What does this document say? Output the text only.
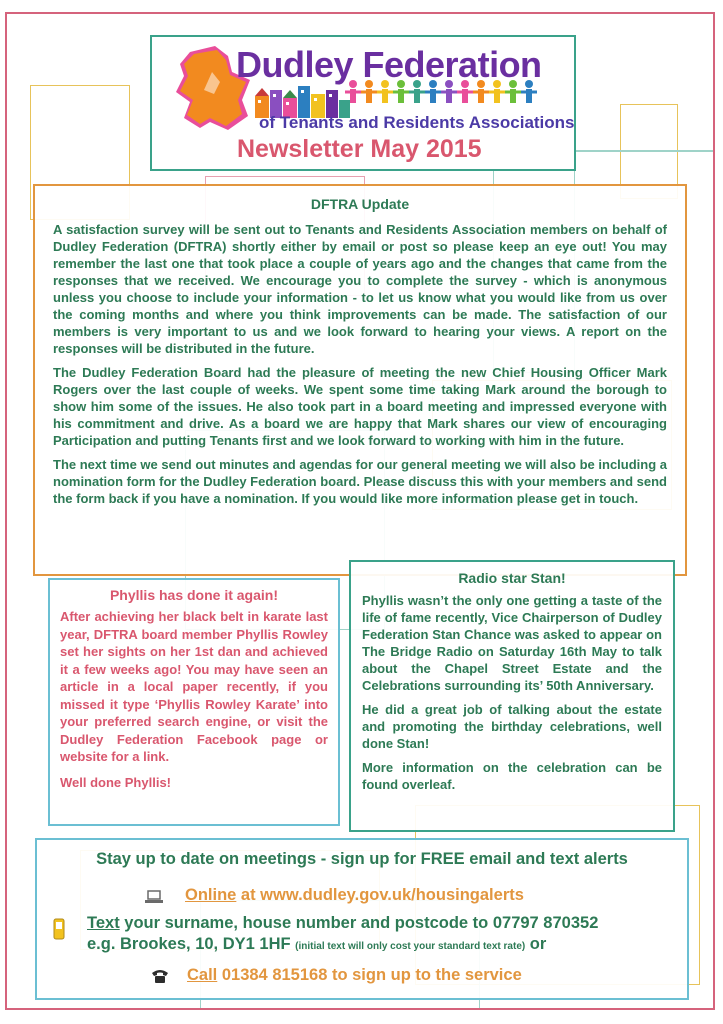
Dudley Federation
of Tenants and Residents Associations
Newsletter May 2015
DFTRA Update

A satisfaction survey will be sent out to Tenants and Residents Association members on behalf of Dudley Federation (DFTRA) shortly either by email or post so please keep an eye out! You may remember the last one that took place a couple of years ago and the changes that came from the responses that we received. We encourage you to complete the survey - which is anonymous unless you choose to include your information - to let us know what you would like from us over the coming months and where you think improvements can be made. The satisfaction of our members is very important to us and we look forward to hearing your views. A report on the responses will be distributed in the future.

The Dudley Federation Board had the pleasure of meeting the new Chief Housing Officer Mark Rogers over the last couple of weeks. We spent some time taking Mark around the borough to show him some of the issues. He also took part in a board meeting and impressed everyone with his commitment and drive. As a board we are happy that Mark shares our view of encouraging Participation and putting Tenants first and we look forward to working with him in the future.

The next time we send out minutes and agendas for our general meeting we will also be including a nomination form for the Dudley Federation board. Please discuss this with your members and send the form back if you have a nomination. If you would like more information please get in touch.

Phyllis has done it again!

After achieving her black belt in karate last year, DFTRA board member Phyllis Rowley set her sights on her 1st dan and achieved it a few weeks ago! You may have seen an article in a local paper recently, if you missed it type ‘Phyllis Rowley Karate’ into your preferred search engine, or visit the Dudley Federation Facebook page or website for a link.

Well done Phyllis!

Radio star Stan!

Phyllis wasn’t the only one getting a taste of the life of fame recently, Vice Chairperson of Dudley Federation Stan Chance was asked to appear on The Bridge Radio on Saturday 16th May to talk about the Chapel Street Estate and the Celebrations surrounding its’ 50th Anniversary.

He did a great job of talking about the estate and promoting the birthday celebrations, well done Stan!

More information on the celebration can be found overleaf.

Stay up to date on meetings - sign up for FREE email and text alerts
Online at www.dudley.gov.uk/housingalerts
Text your surname, house number and postcode to 07797 870352
e.g. Brookes, 10, DY1 1HF (initial text will only cost your standard text rate) or
Call 01384 815168 to sign up to the service
